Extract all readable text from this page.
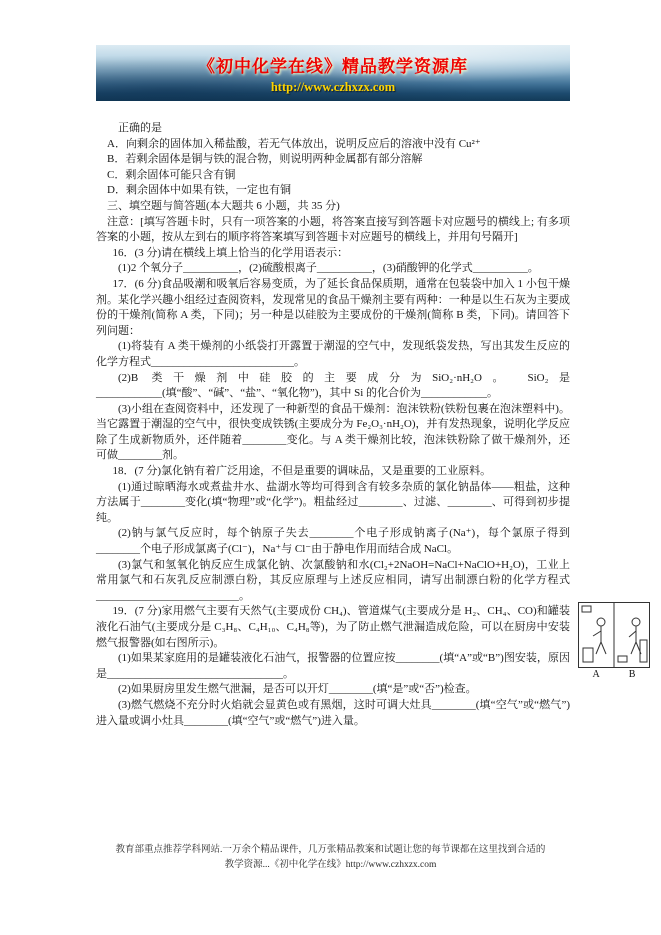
《初中化学在线》精品教学资源库
http://www.czhxzx.com

正确的是

A．向剩余的固体加入稀盐酸，若无气体放出，说明反应后的溶液中没有 Cu²⁺

B．若剩余固体是铜与铁的混合物，则说明两种金属都有部分溶解

C．剩余固体可能只含有铜

D．剩余固体中如果有铁，一定也有铜

三、填空题与简答题(本大题共 6 小题，共 35 分)

注意：[填写答题卡时，只有一项答案的小题，将答案直接写到答题卡对应题号的横线上; 有多项答案的小题，按从左到右的顺序将答案填写到答题卡对应题号的横线上，并用句号隔开]

16．(3 分)请在横线上填上恰当的化学用语表示：

(1)2 个氧分子__________，(2)硫酸根离子__________，(3)硝酸钾的化学式__________。

17．(6 分)食品吸潮和吸氧后容易变质，为了延长食品保质期，通常在包装袋中加入 1 小包干燥剂。某化学兴趣小组经过查阅资料，发现常见的食品干燥剂主要有两种：一种是以生石灰为主要成份的干燥剂(简称 A 类，下同)；另一种是以硅胶为主要成份的干燥剂(简称 B 类，下同)。请回答下列问题：

(1)将装有 A 类干燥剂的小纸袋打开露置于潮湿的空气中，发现纸袋发热，写出其发生反应的化学方程式__________________________。

(2)B 类干燥剂中硅胶的主要成分为SiO₂·nH₂O。 SiO₂是____________(填“酸”、“碱”、“盐”、“氧化物”)，其中 Si 的化合价为____________。

(3)小组在查阅资料中，还发现了一种新型的食品干燥剂：泡沫铁粉(铁粉包裹在泡沫塑料中)。当它露置于潮湿的空气中，很快变成铁锈(主要成分为 Fe₂O₃·nH₂O)，并有发热现象，说明化学反应除了生成新物质外，还伴随着________变化。与 A 类干燥剂比较，泡沫铁粉除了做干燥剂外，还可做________剂。

18．(7 分)氯化钠有着广泛用途，不但是重要的调味品，又是重要的工业原料。

(1)通过晾晒海水或煮盐井水、盐湖水等均可得到含有较多杂质的氯化钠晶体——粗盐，这种方法属于________变化(填“物理”或“化学”)。粗盐经过________、过滤、________、可得到初步提纯。

(2)钠与氯气反应时，每个钠原子失去________个电子形成钠离子(Na⁺)，每个氯原子得到________个电子形成氯离子(Cl⁻)，Na⁺与 Cl⁻由于静电作用而结合成 NaCl。

(3)氯气和氢氧化钠反应生成氯化钠、次氯酸钠和水(Cl₂+2NaOH=NaCl+NaClO+H₂O)，工业上常用氯气和石灰乳反应制漂白粉，其反应原理与上述反应相同，请写出制漂白粉的化学方程式__________________________。

A	B

19．(7 分)家用燃气主要有天然气(主要成份 CH₄)、管道煤气(主要成分是 H₂、CH₄、CO)和罐装液化石油气(主要成分是 C₃H₈、C₄H₁₀、C₄H₈等)，为了防止燃气泄漏造成危险，可以在厨房中安装燃气报警器(如右图所示)。

(1)如果某家庭用的是罐装液化石油气，报警器的位置应按________(填“A”或“B”)图安装，原因是________________________________。

(2)如果厨房里发生燃气泄漏，是否可以开灯________(填“是”或“否”)检查。

(3)燃气燃烧不充分时火焰就会显黄色或有黑烟，这时可调大灶具________(填“空气”或“燃气”)进入量或调小灶具________(填“空气”或“燃气”)进入量。

教育部重点推荐学科网站.一万余个精品课件，几万张精品教案和试题让您的每节课都在这里找到合适的
教学资源...《初中化学在线》http://www.czhxzx.com
